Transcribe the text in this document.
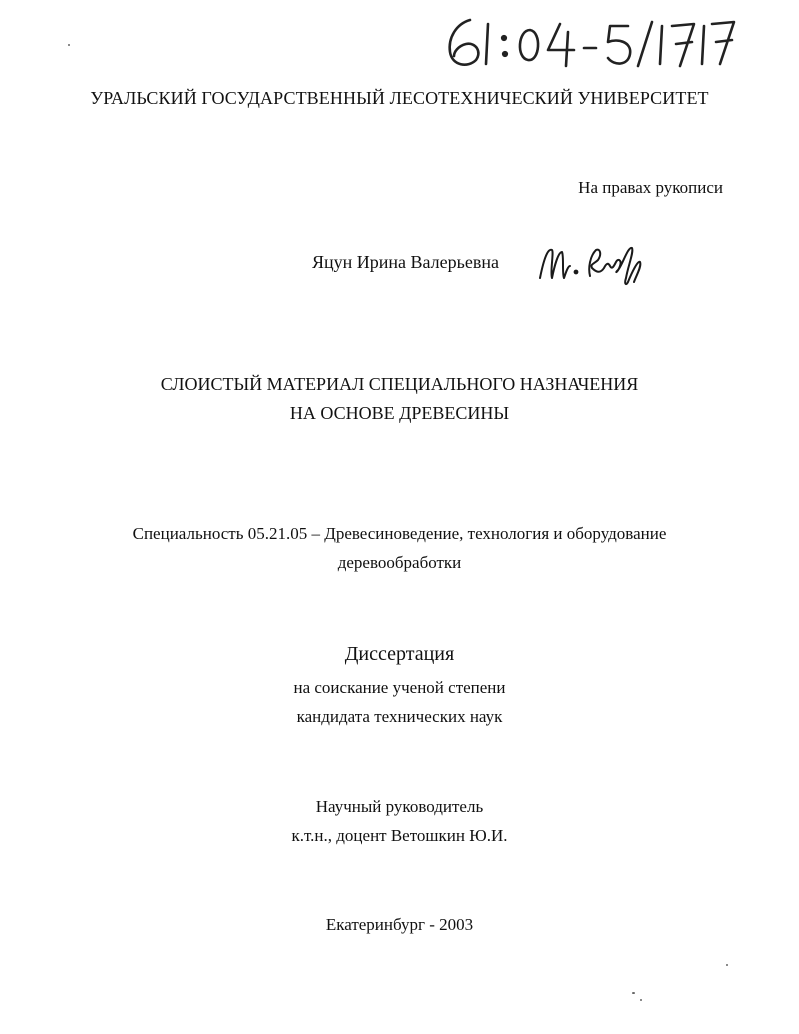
УРАЛЬСКИЙ ГОСУДАРСТВЕННЫЙ ЛЕСОТЕХНИЧЕСКИЙ УНИВЕРСИТЕТ
На правах рукописи
Яцун Ирина Валерьевна
СЛОИСТЫЙ МАТЕРИАЛ СПЕЦИАЛЬНОГО НАЗНАЧЕНИЯ
НА ОСНОВЕ ДРЕВЕСИНЫ
Специальность 05.21.05 – Древесиноведение, технология и оборудование
деревообработки
Диссертация
на соискание ученой степени
кандидата технических наук
Научный руководитель
к.т.н., доцент Ветошкин Ю.И.
Екатеринбург - 2003
